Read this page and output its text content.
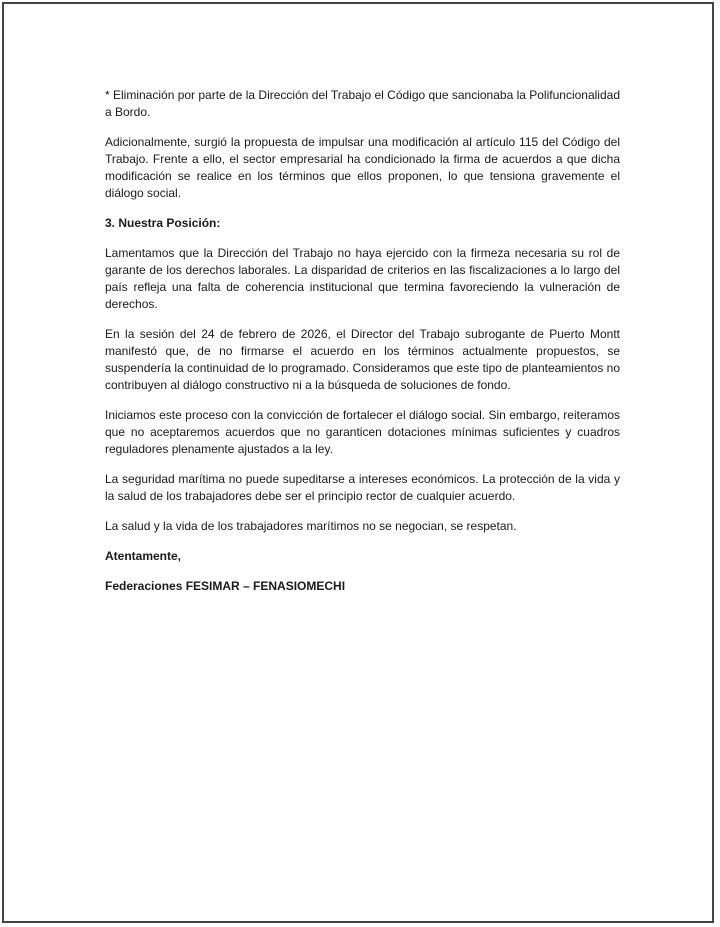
* Eliminación por parte de la Dirección del Trabajo el Código que sancionaba la Polifuncionalidad a Bordo.

Adicionalmente, surgió la propuesta de impulsar una modificación al artículo 115 del Código del Trabajo. Frente a ello, el sector empresarial ha condicionado la firma de acuerdos a que dicha modificación se realice en los términos que ellos proponen, lo que tensiona gravemente el diálogo social.

3. Nuestra Posición:

Lamentamos que la Dirección del Trabajo no haya ejercido con la firmeza necesaria su rol de garante de los derechos laborales. La disparidad de criterios en las fiscalizaciones a lo largo del país refleja una falta de coherencia institucional que termina favoreciendo la vulneración de derechos.

En la sesión del 24 de febrero de 2026, el Director del Trabajo subrogante de Puerto Montt manifestó que, de no firmarse el acuerdo en los términos actualmente propuestos, se suspendería la continuidad de lo programado. Consideramos que este tipo de planteamientos no contribuyen al diálogo constructivo ni a la búsqueda de soluciones de fondo.

Iniciamos este proceso con la convicción de fortalecer el diálogo social. Sin embargo, reiteramos que no aceptaremos acuerdos que no garanticen dotaciones mínimas suficientes y cuadros reguladores plenamente ajustados a la ley.

La seguridad marítima no puede supeditarse a intereses económicos. La protección de la vida y la salud de los trabajadores debe ser el principio rector de cualquier acuerdo.

La salud y la vida de los trabajadores marítimos no se negocian, se respetan.

Atentamente,

Federaciones FESIMAR – FENASIOMECHI
